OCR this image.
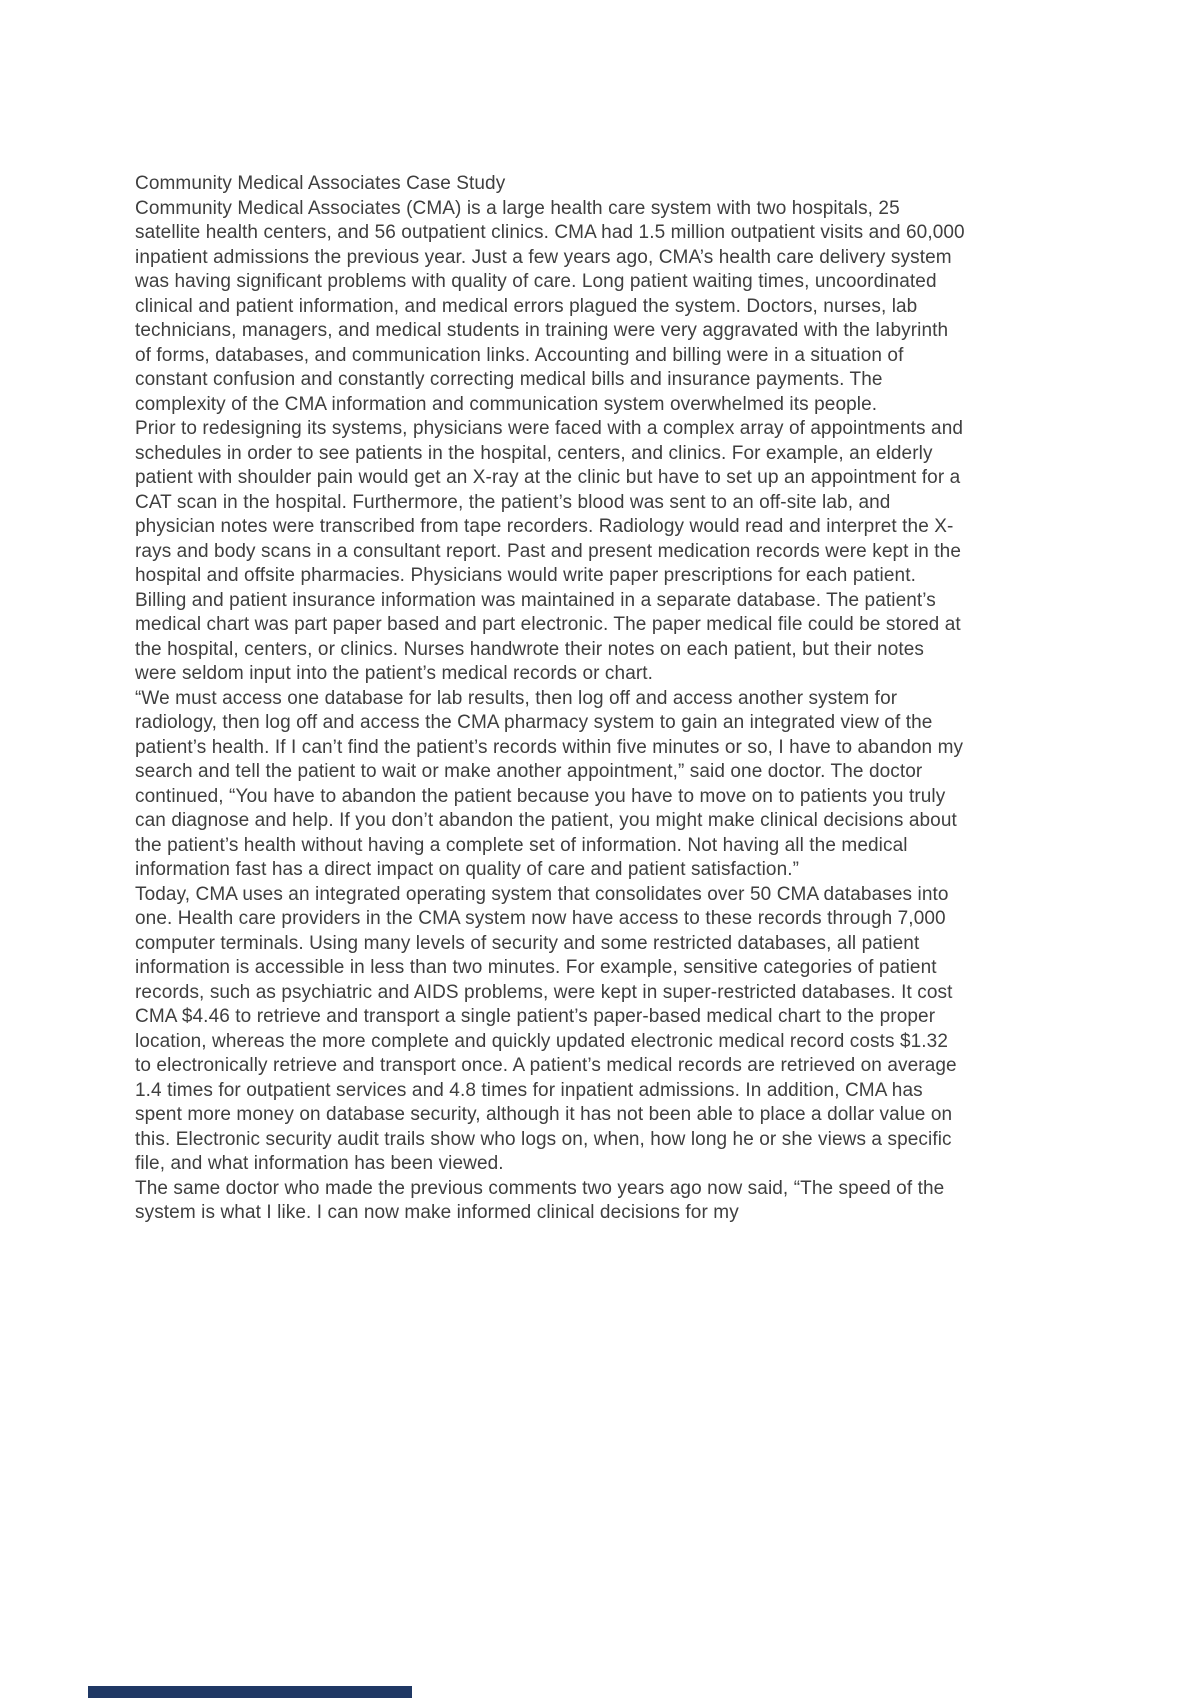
Community Medical Associates Case Study

Community Medical Associates (CMA) is a large health care system with two hospitals, 25 satellite health centers, and 56 outpatient clinics. CMA had 1.5 million outpatient visits and 60,000 inpatient admissions the previous year. Just a few years ago, CMA’s health care delivery system was having significant problems with quality of care. Long patient waiting times, uncoordinated clinical and patient information, and medical errors plagued the system. Doctors, nurses, lab technicians, managers, and medical students in training were very aggravated with the labyrinth of forms, databases, and communication links. Accounting and billing were in a situation of constant confusion and constantly correcting medical bills and insurance payments. The complexity of the CMA information and communication system overwhelmed its people.

Prior to redesigning its systems, physicians were faced with a complex array of appointments and schedules in order to see patients in the hospital, centers, and clinics. For example, an elderly patient with shoulder pain would get an X-ray at the clinic but have to set up an appointment for a CAT scan in the hospital. Furthermore, the patient’s blood was sent to an off-site lab, and physician notes were transcribed from tape recorders. Radiology would read and interpret the X-rays and body scans in a consultant report. Past and present medication records were kept in the hospital and offsite pharmacies. Physicians would write paper prescriptions for each patient. Billing and patient insurance information was maintained in a separate database. The patient’s medical chart was part paper based and part electronic. The paper medical file could be stored at the hospital, centers, or clinics. Nurses handwrote their notes on each patient, but their notes were seldom input into the patient’s medical records or chart.

“We must access one database for lab results, then log off and access another system for radiology, then log off and access the CMA pharmacy system to gain an integrated view of the patient’s health. If I can’t find the patient’s records within five minutes or so, I have to abandon my search and tell the patient to wait or make another appointment,” said one doctor. The doctor continued, “You have to abandon the patient because you have to move on to patients you truly can diagnose and help. If you don’t abandon the patient, you might make clinical decisions about the patient’s health without having a complete set of information. Not having all the medical information fast has a direct impact on quality of care and patient satisfaction.”

Today, CMA uses an integrated operating system that consolidates over 50 CMA databases into one. Health care providers in the CMA system now have access to these records through 7,000 computer terminals. Using many levels of security and some restricted databases, all patient information is accessible in less than two minutes. For example, sensitive categories of patient records, such as psychiatric and AIDS problems, were kept in super-restricted databases. It cost CMA $4.46 to retrieve and transport a single patient’s paper-based medical chart to the proper location, whereas the more complete and quickly updated electronic medical record costs $1.32 to electronically retrieve and transport once. A patient’s medical records are retrieved on average 1.4 times for outpatient services and 4.8 times for inpatient admissions. In addition, CMA has spent more money on database security, although it has not been able to place a dollar value on this. Electronic security audit trails show who logs on, when, how long he or she views a specific file, and what information has been viewed.

The same doctor who made the previous comments two years ago now said, “The speed of the system is what I like. I can now make informed clinical decisions for my
